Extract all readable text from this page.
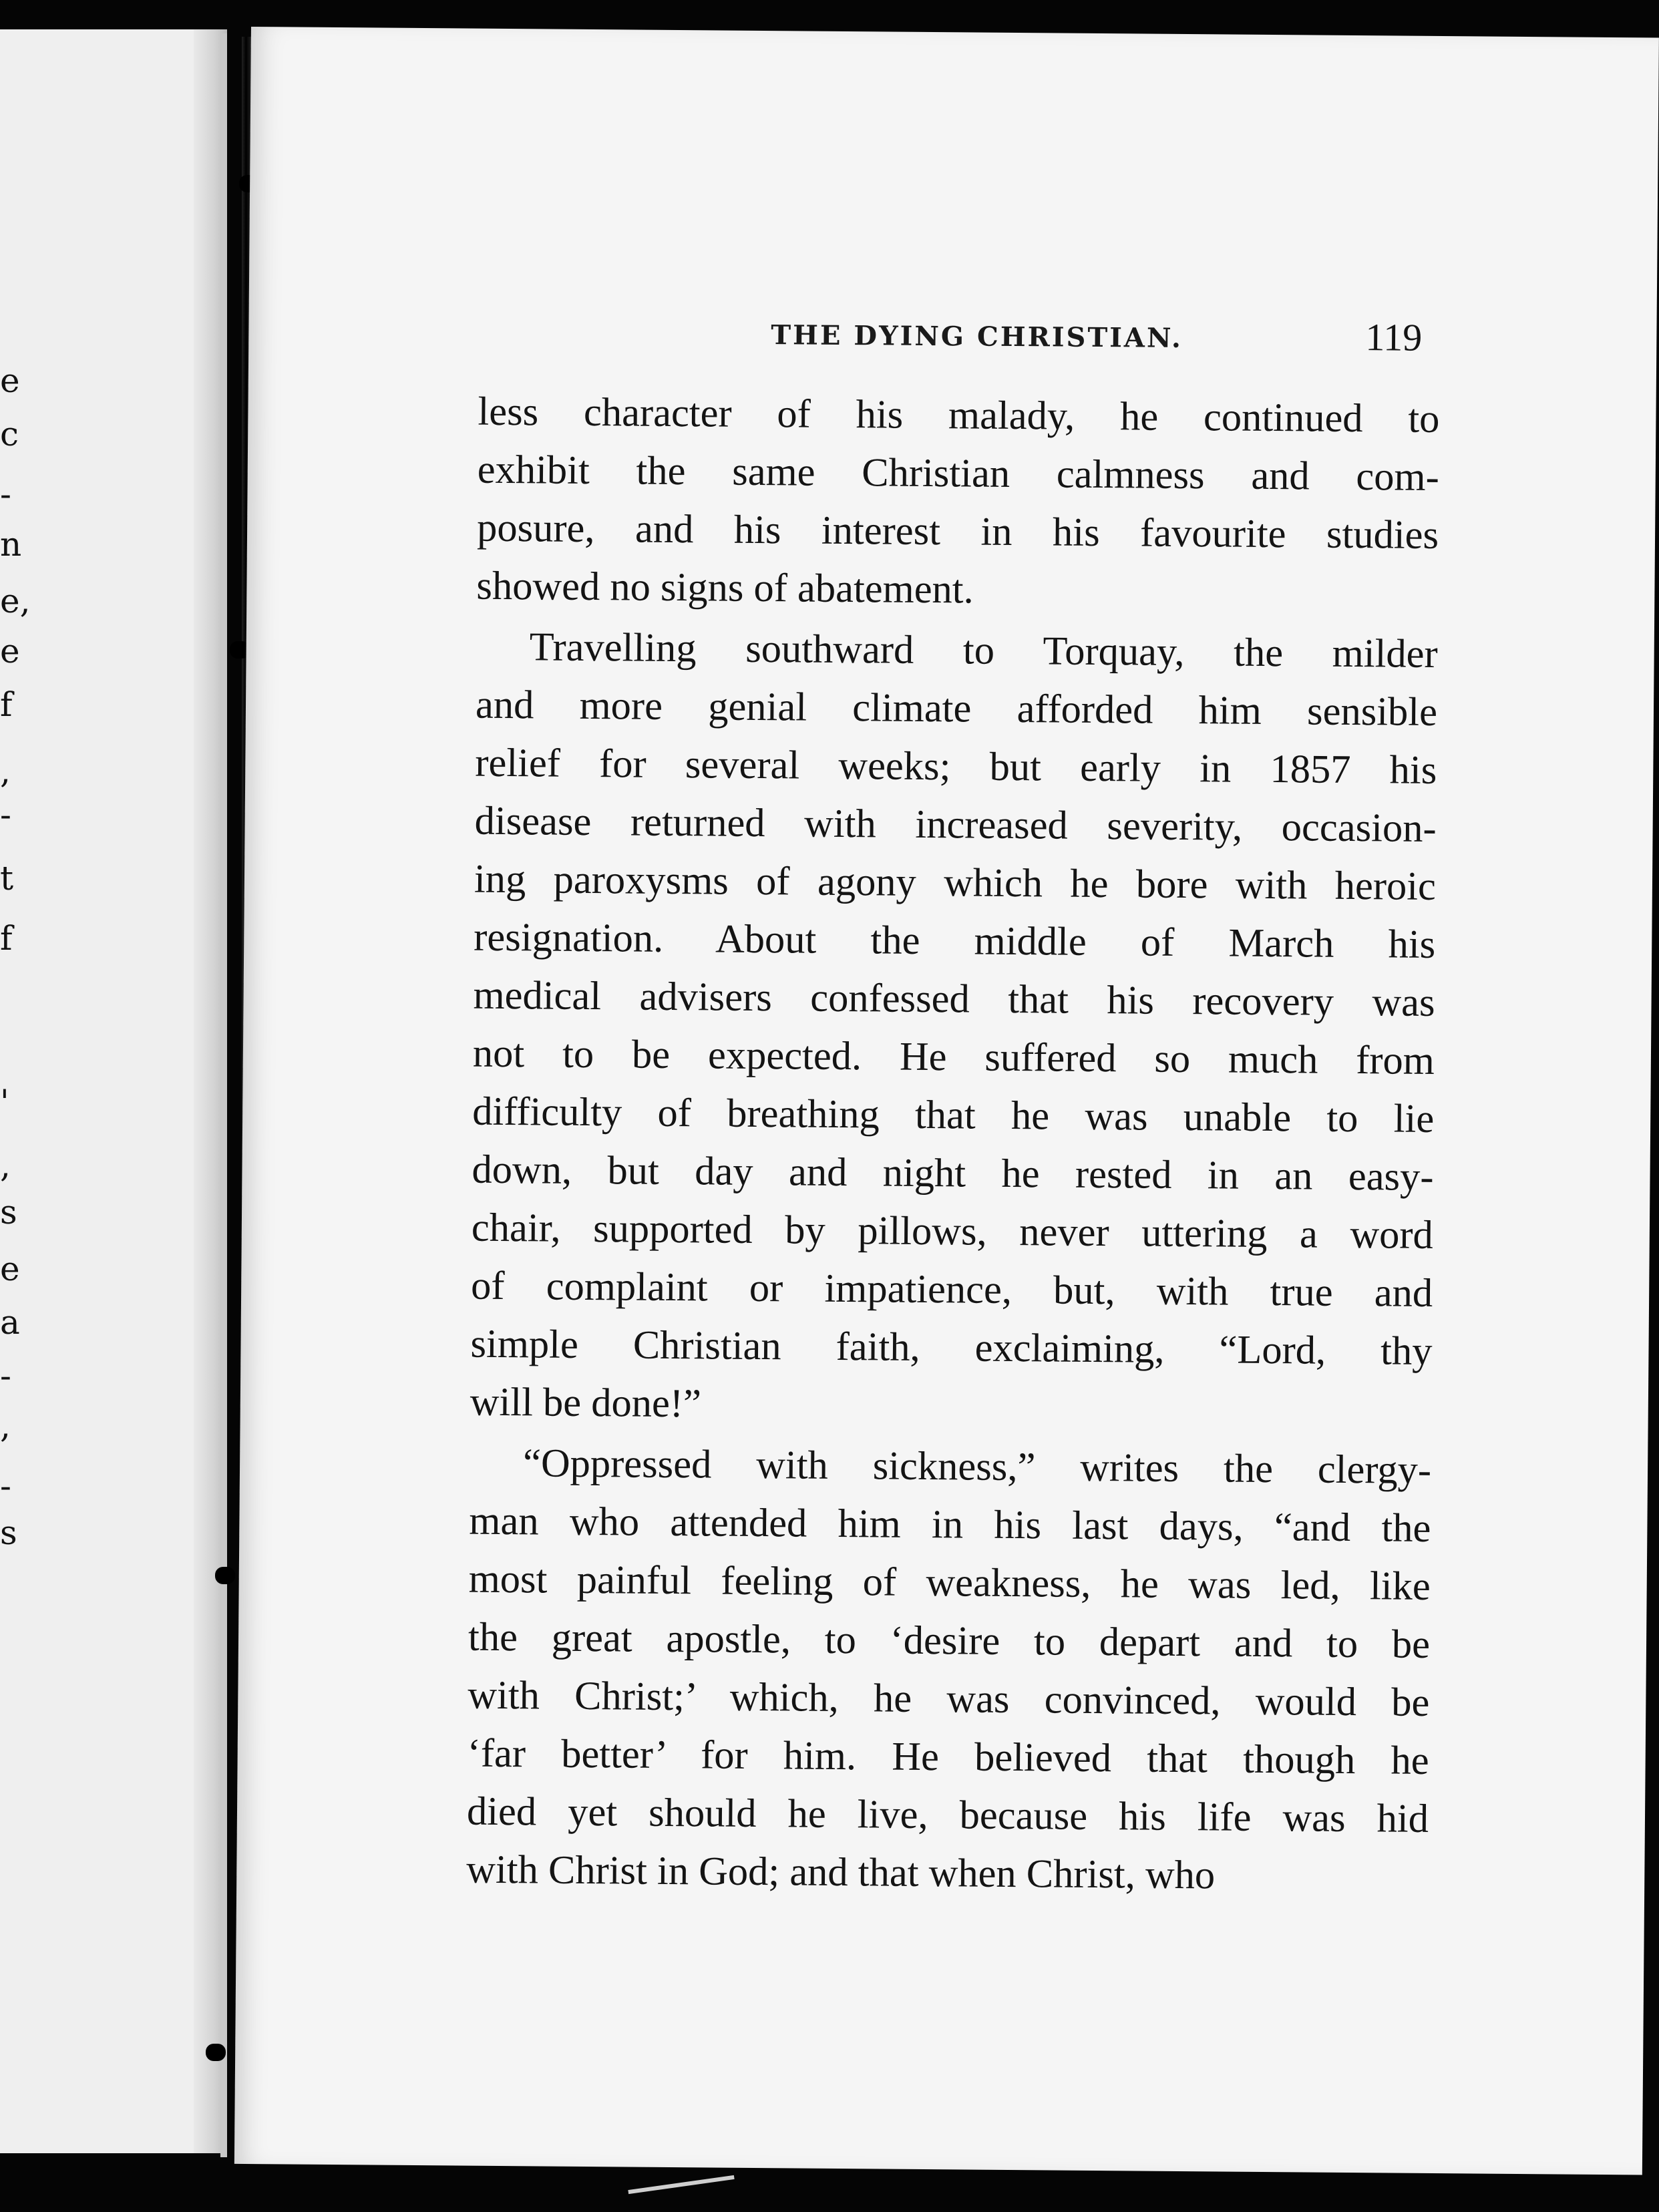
e
c
-
n
e,
e
f
,
-
t
f
'
,
s
e
a
-
,
-
s
THE DYING CHRISTIAN.	119

less character of his malady, he continued to
exhibit the same Christian calmness and com-
posure, and his interest in his favourite studies
showed no signs of abatement.

Travelling southward to Torquay, the milder
and more genial climate afforded him sensible
relief for several weeks; but early in 1857 his
disease returned with increased severity, occasion-
ing paroxysms of agony which he bore with heroic
resignation. About the middle of March his
medical advisers confessed that his recovery was
not to be expected. He suffered so much from
difficulty of breathing that he was unable to lie
down, but day and night he rested in an easy-
chair, supported by pillows, never uttering a word
of complaint or impatience, but, with true and
simple Christian faith, exclaiming, “Lord, thy
will be done!”

“Oppressed with sickness,” writes the clergy-
man who attended him in his last days, “and the
most painful feeling of weakness, he was led, like
the great apostle, to ‘desire to depart and to be
with Christ;’ which, he was convinced, would be
‘far better’ for him. He believed that though he
died yet should he live, because his life was hid
with Christ in God; and that when Christ, who
